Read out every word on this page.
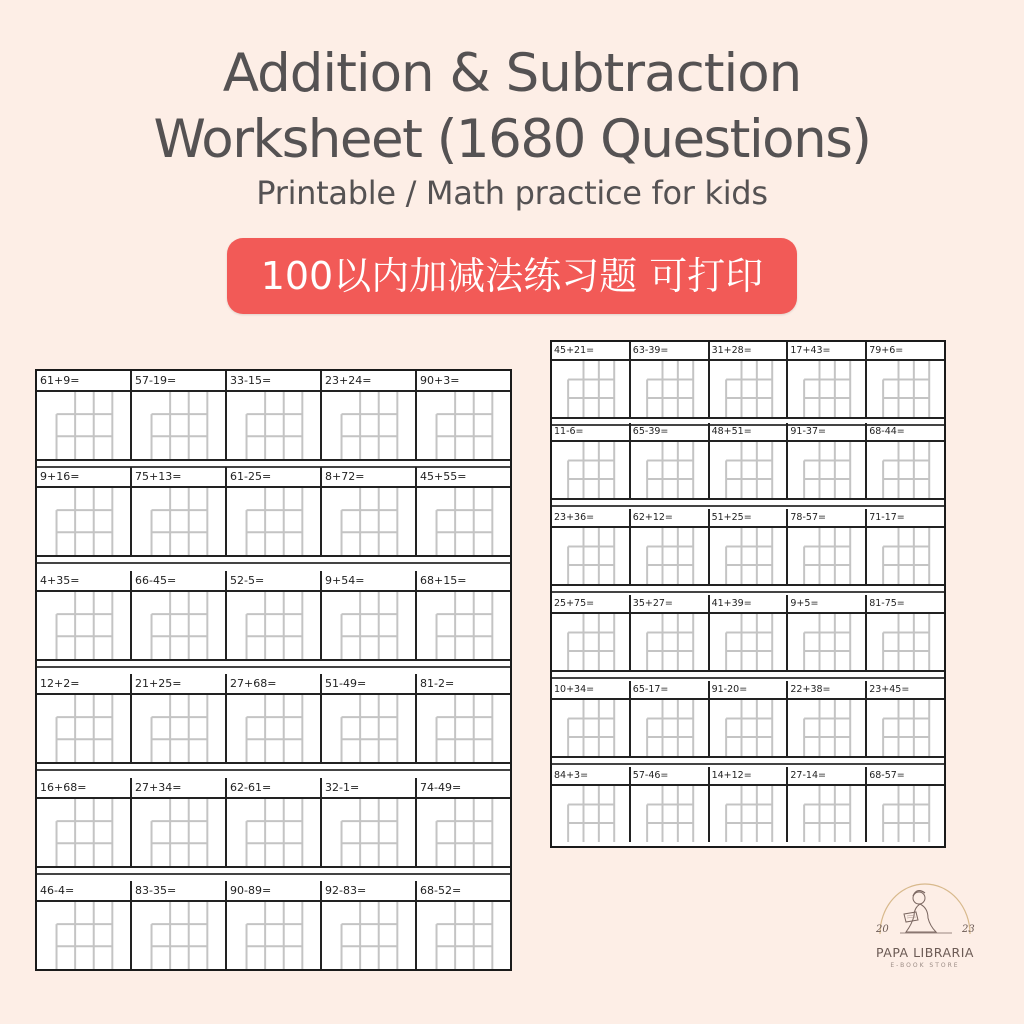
Addition & Subtraction
Worksheet (1680 Questions)
Printable / Math practice for kids
100以内加减法练习题 可打印
61+9=	57-19=	33-15=	23+24=	90+3=
9+16=	75+13=	61-25=	8+72=	45+55=
4+35=	66-45=	52-5=	9+54=	68+15=
12+2=	21+25=	27+68=	51-49=	81-2=
16+68=	27+34=	62-61=	32-1=	74-49=
46-4=	83-35=	90-89=	92-83=	68-52=
45+21=	63-39=	31+28=	17+43=	79+6=
11-6=	65-39=	48+51=	91-37=	68-44=
23+36=	62+12=	51+25=	78-57=	71-17=
25+75=	35+27=	41+39=	9+5=	81-75=
10+34=	65-17=	91-20=	22+38=	23+45=
84+3=	57-46=	14+12=	27-14=	68-57=
20	23
PAPA LIBRARIA
E-BOOK STORE
